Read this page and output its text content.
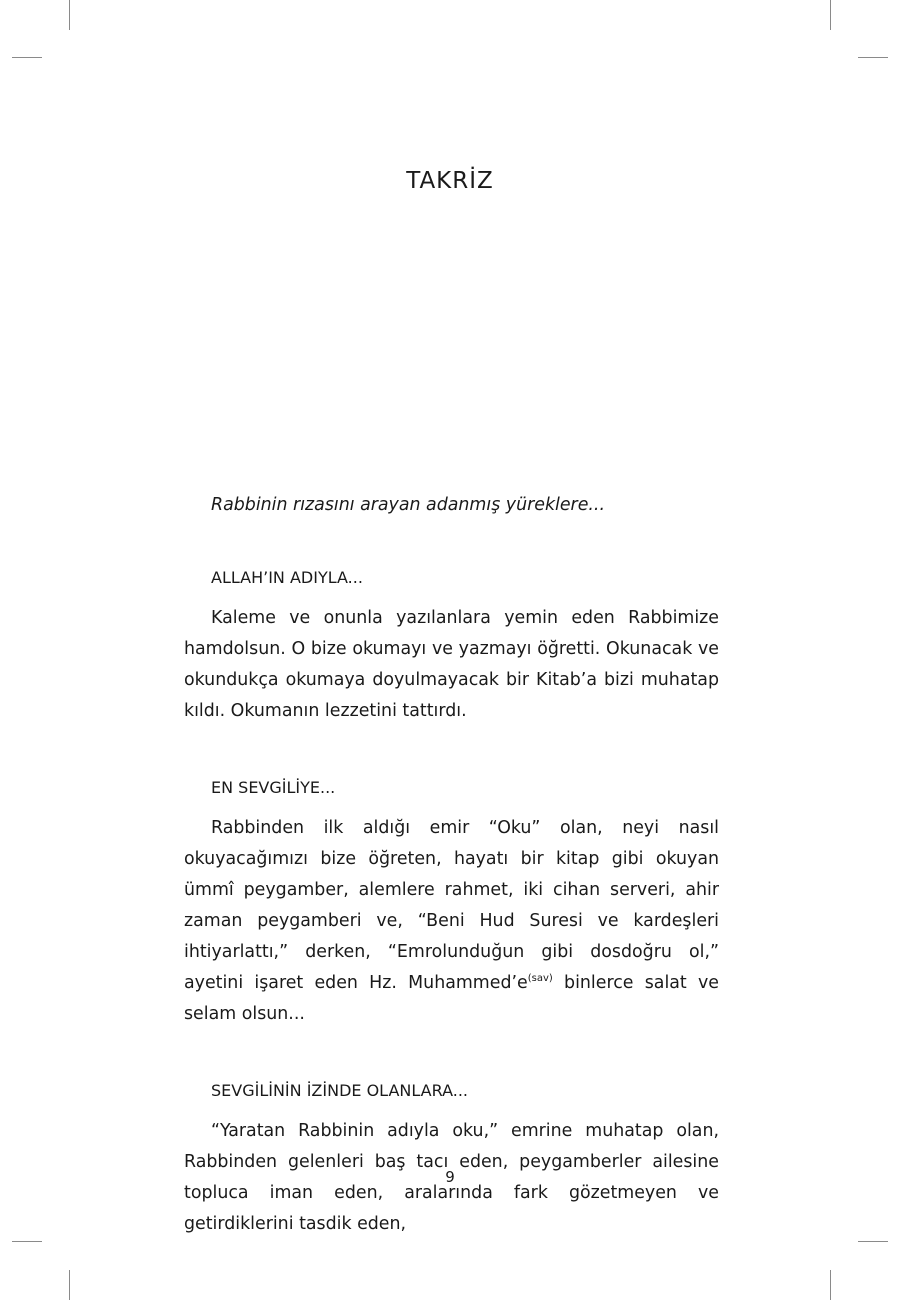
TAKRİZ

Rabbinin rızasını arayan adanmış yüreklere...

ALLAH’IN ADIYLA...

Kaleme ve onunla yazılanlara yemin eden Rabbimize hamdolsun. O bize okumayı ve yazmayı öğretti. Okunacak ve okundukça okumaya doyulmayacak bir Kitab’a bizi muhatap kıldı. Okumanın lezzetini tattırdı.

EN SEVGİLİYE...

Rabbinden ilk aldığı emir “Oku” olan, neyi nasıl okuyacağımızı bize öğreten, hayatı bir kitap gibi okuyan ümmî peygamber, alemlere rahmet, iki cihan serveri, ahir zaman peygamberi ve, “Beni Hud Suresi ve kardeşleri ihtiyarlattı,” derken, “Emrolunduğun gibi dosdoğru ol,” ayetini işaret eden Hz. $Muhammed’e^{(sav)}$ binlerce salat ve selam olsun...

SEVGİLİNİN İZİNDE OLANLARA...

“Yaratan Rabbinin adıyla oku,” emrine muhatap olan, Rabbinden gelenleri baş tacı eden, peygamberler ailesine topluca iman eden, aralarında fark gözetmeyen ve getirdiklerini tasdik eden,

9
